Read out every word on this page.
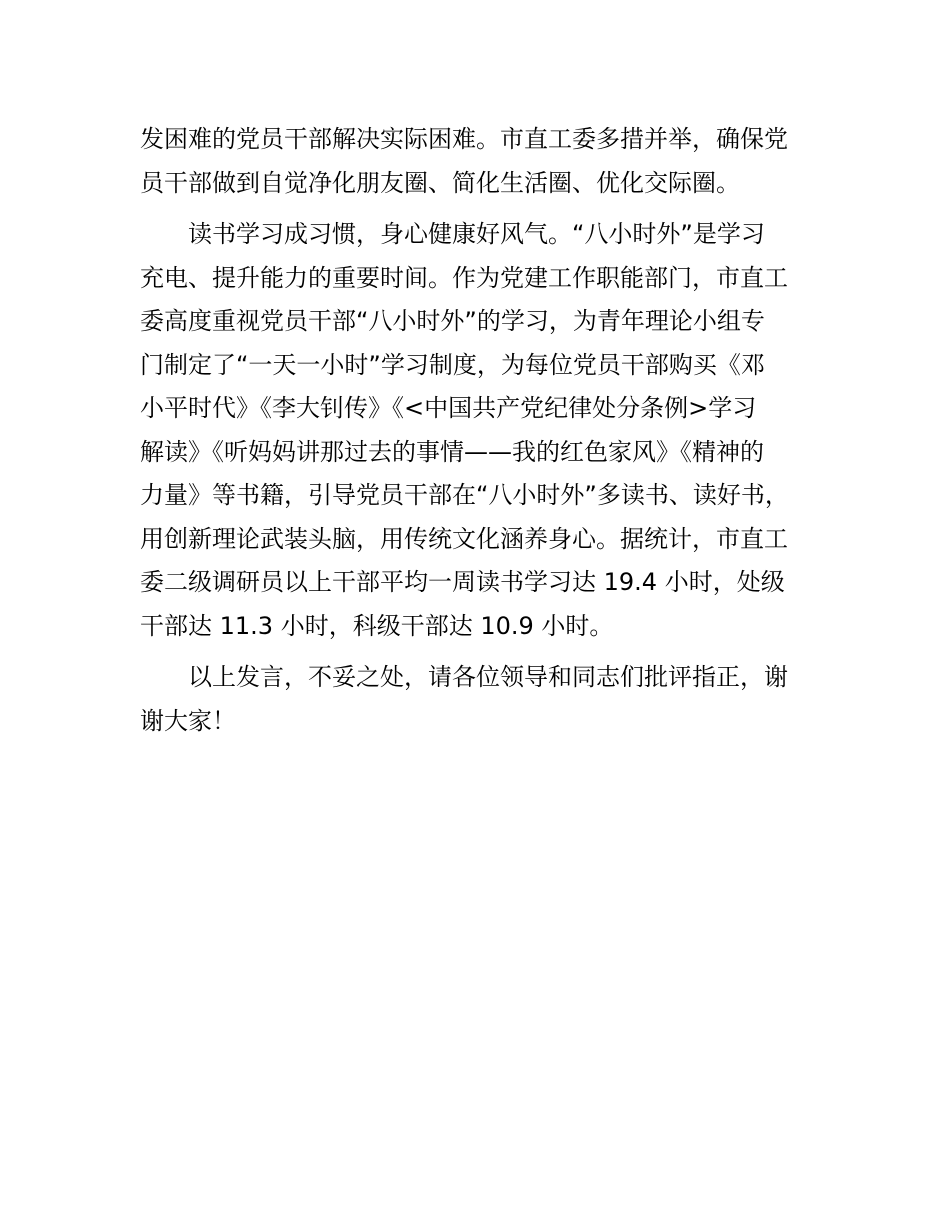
发困难的党员干部解决实际困难。市直工委多措并举，确保党
员干部做到自觉净化朋友圈、简化生活圈、优化交际圈。
读书学习成习惯，身心健康好风气。“八小时外”是学习
充电、提升能力的重要时间。作为党建工作职能部门，市直工
委高度重视党员干部“八小时外”的学习，为青年理论小组专
门制定了“一天一小时”学习制度，为每位党员干部购买《邓
小平时代》《李大钊传》《<中国共产党纪律处分条例>学习
解读》《听妈妈讲那过去的事情——我的红色家风》《精神的
力量》等书籍，引导党员干部在“八小时外”多读书、读好书，
用创新理论武装头脑，用传统文化涵养身心。据统计，市直工
委二级调研员以上干部平均一周读书学习达 19.4 小时，处级
干部达 11.3 小时，科级干部达 10.9 小时。
以上发言，不妥之处，请各位领导和同志们批评指正，谢
谢大家！
